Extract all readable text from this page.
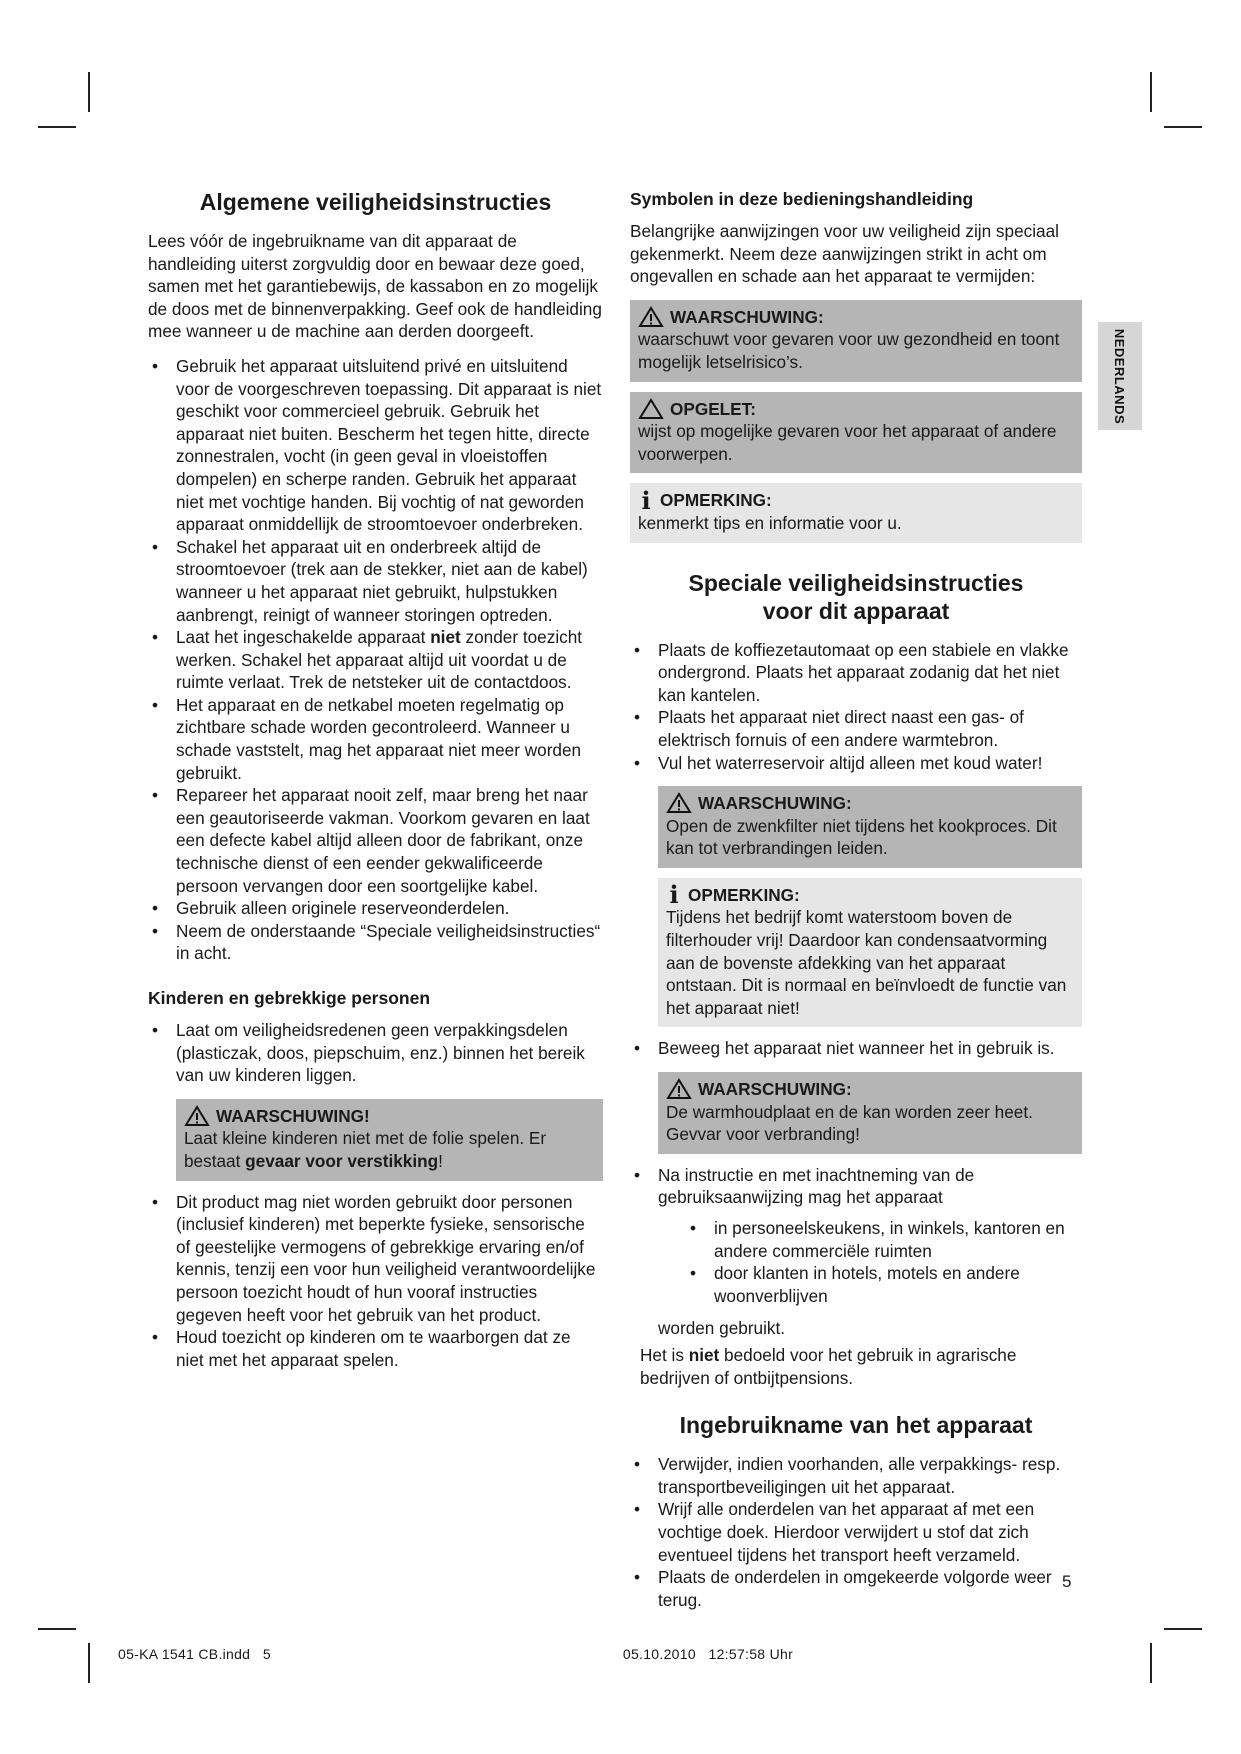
NEDERLANDS
Algemene veiligheidsinstructies

Lees vóór de ingebruikname van dit apparaat de handleiding uiterst zorgvuldig door en bewaar deze goed, samen met het garantiebewijs, de kassabon en zo mogelijk de doos met de binnenverpakking. Geef ook de handleiding mee wanneer u de machine aan derden doorgeeft.

• Gebruik het apparaat uitsluitend privé en uitsluitend voor de voorgeschreven toepassing. Dit apparaat is niet geschikt voor commercieel gebruik. Gebruik het apparaat niet buiten. Bescherm het tegen hitte, directe zonnestralen, vocht (in geen geval in vloeistoffen dompelen) en scherpe randen. Gebruik het apparaat niet met vochtige handen. Bij vochtig of nat geworden apparaat onmiddellijk de stroomtoevoer onderbreken.
• Schakel het apparaat uit en onderbreek altijd de stroomtoevoer (trek aan de stekker, niet aan de kabel) wanneer u het apparaat niet gebruikt, hulpstukken aanbrengt, reinigt of wanneer storingen optreden.
• Laat het ingeschakelde apparaat niet zonder toezicht werken. Schakel het apparaat altijd uit voordat u de ruimte verlaat. Trek de netsteker uit de contactdoos.
• Het apparaat en de netkabel moeten regelmatig op zichtbare schade worden gecontroleerd. Wanneer u schade vaststelt, mag het apparaat niet meer worden gebruikt.
• Repareer het apparaat nooit zelf, maar breng het naar een geautoriseerde vakman. Voorkom gevaren en laat een defecte kabel altijd alleen door de fabrikant, onze technische dienst of een eender gekwalificeerde persoon vervangen door een soortgelijke kabel.
• Gebruik alleen originele reserveonderdelen.
• Neem de onderstaande “Speciale veiligheidsinstructies“ in acht.
Kinderen en gebrekkige personen
• Laat om veiligheidsredenen geen verpakkingsdelen (plasticzak, doos, piepschuim, enz.) binnen het bereik van uw kinderen liggen.
WAARSCHUWING!
Laat kleine kinderen niet met de folie spelen. Er bestaat gevaar voor verstikking!
• Dit product mag niet worden gebruikt door personen (inclusief kinderen) met beperkte fysieke, sensorische of geestelijke vermogens of gebrekkige ervaring en/of kennis, tenzij een voor hun veiligheid verantwoordelijke persoon toezicht houdt of hun vooraf instructies gegeven heeft voor het gebruik van het product.
• Houd toezicht op kinderen om te waarborgen dat ze niet met het apparaat spelen.
Symbolen in deze bedieningshandleiding

Belangrijke aanwijzingen voor uw veiligheid zijn speciaal gekenmerkt. Neem deze aanwijzingen strikt in acht om ongevallen en schade aan het apparaat te vermijden:

WAARSCHUWING:
waarschuwt voor gevaren voor uw gezondheid en toont mogelijk letselrisico’s.
OPGELET:
wijst op mogelijke gevaren voor het apparaat of andere voorwerpen.
i OPMERKING:
kenmerkt tips en informatie voor u.
Speciale veiligheidsinstructies
voor dit apparaat
• Plaats de koffiezetautomaat op een stabiele en vlakke ondergrond. Plaats het apparaat zodanig dat het niet kan kantelen.
• Plaats het apparaat niet direct naast een gas- of elektrisch fornuis of een andere warmtebron.
• Vul het waterreservoir altijd alleen met koud water!
WAARSCHUWING:
Open de zwenkfilter niet tijdens het kookproces. Dit kan tot verbrandingen leiden.
i OPMERKING:
Tijdens het bedrijf komt waterstoom boven de filterhouder vrij! Daardoor kan condensaatvorming aan de bovenste afdekking van het apparaat ontstaan. Dit is normaal en beïnvloedt de functie van het apparaat niet!
• Beweeg het apparaat niet wanneer het in gebruik is.
WAARSCHUWING:
De warmhoudplaat en de kan worden zeer heet. Gevvar voor verbranding!
• Na instructie en met inachtneming van de gebruiksaanwijzing mag het apparaat
• in personeelskeukens, in winkels, kantoren en andere commerciële ruimten
• door klanten in hotels, motels en andere woonverblijven
worden gebruikt.
Het is niet bedoeld voor het gebruik in agrarische bedrijven of ontbijtpensions.
Ingebruikname van het apparaat
• Verwijder, indien voorhanden, alle verpakkings- resp. transportbeveiligingen uit het apparaat.
• Wrijf alle onderdelen van het apparaat af met een vochtige doek. Hierdoor verwijdert u stof dat zich eventueel tijdens het transport heeft verzameld.
• Plaats de onderdelen in omgekeerde volgorde weer terug.
5
05-KA 1541 CB.indd   5                                                                                    05.10.2010   12:57:58 Uhr
